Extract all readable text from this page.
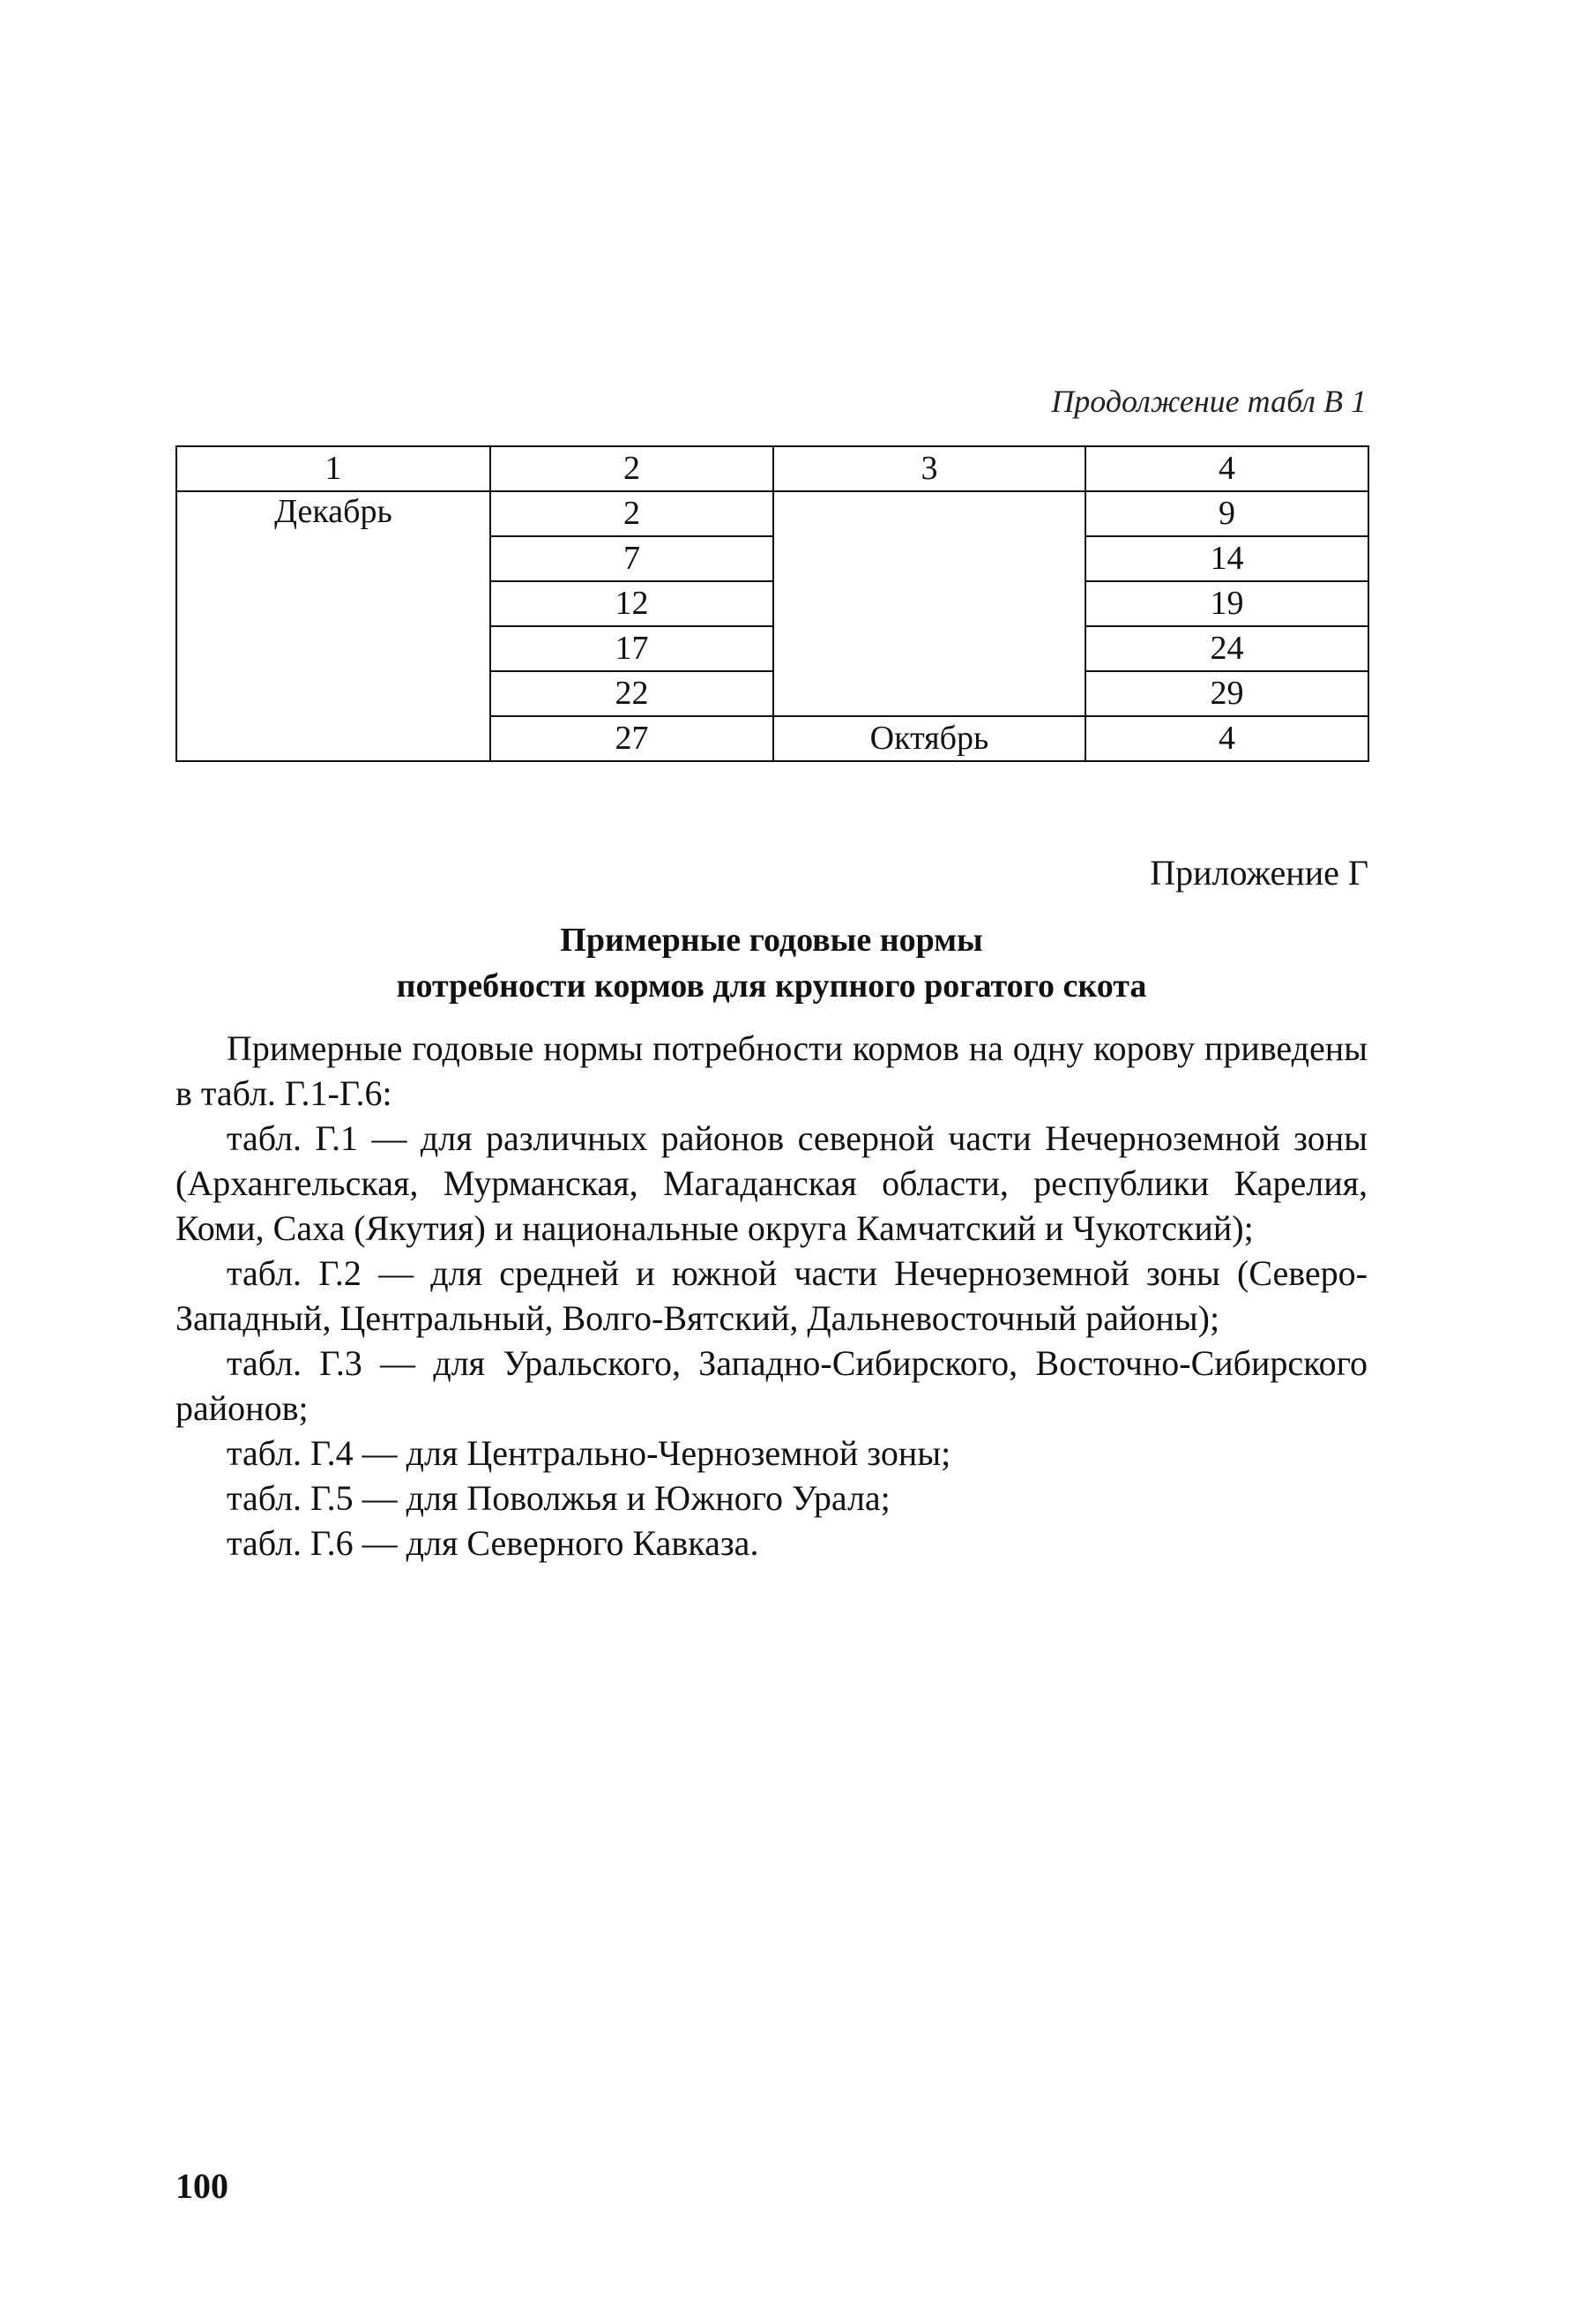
Продолжение табл В 1
1	2	3	4
Декабрь	2		9
	7		14
	12		19
	17		24
	22		29
	27	Октябрь	4
Приложение Г
Примерные годовые нормы
потребности кормов для крупного рогатого скота

Примерные годовые нормы потребности кормов на одну корову приведены в табл. Г.1-Г.6:

табл. Г.1 — для различных районов северной части Нечерноземной зоны (Архангельская, Мурманская, Магаданская области, республики Карелия, Коми, Саха (Якутия) и национальные округа Камчатский и Чукотский);

табл. Г.2 — для средней и южной части Нечерноземной зоны (Северо-Западный, Центральный, Волго-Вятский, Дальневосточный районы);

табл. Г.3 — для Уральского, Западно-Сибирского, Восточно-Сибирского районов;

табл. Г.4 — для Центрально-Черноземной зоны;

табл. Г.5 — для Поволжья и Южного Урала;

табл. Г.6 — для Северного Кавказа.

100
